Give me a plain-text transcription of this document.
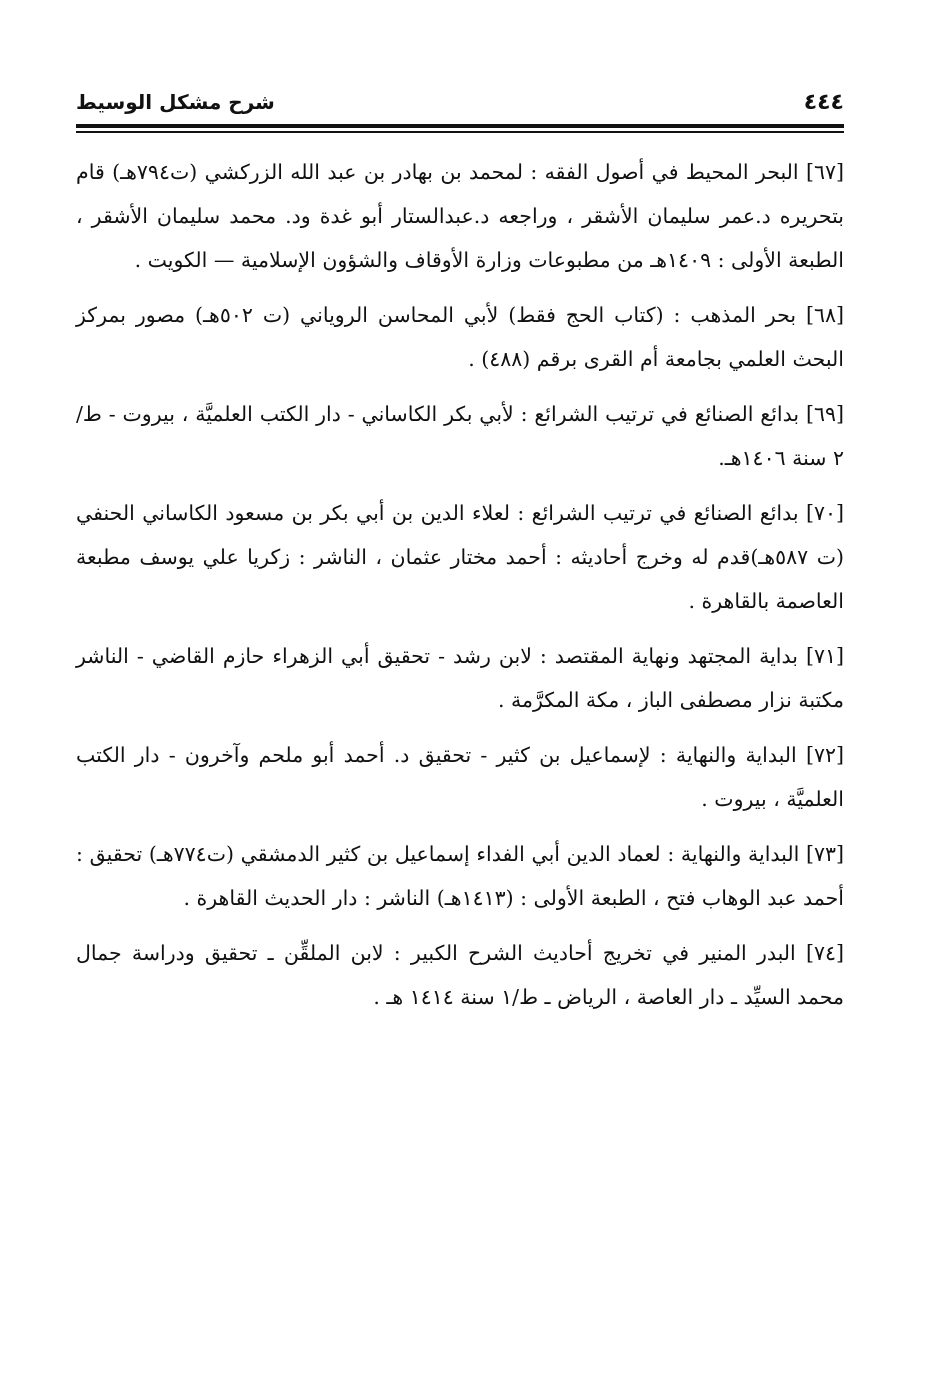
٤٤٤
شرح مشكل الوسيط
[٦٧] البحر المحيط في أصول الفقه : لمحمد بن بهادر بن عبد الله الزركشي (ت٧٩٤هـ) قام بتحريره د.عمر سليمان الأشقر ، وراجعه د.عبدالستار أبو غدة ود. محمد سليمان الأشقر ، الطبعة الأولى : ١٤٠٩هـ من مطبوعات وزارة الأوقاف والشؤون الإسلامية — الكويت .
[٦٨] بحر المذهب : (كتاب الحج فقط) لأبي المحاسن الروياني (ت ٥٠٢هـ) مصور بمركز البحث العلمي بجامعة أم القرى برقم (٤٨٨) .
[٦٩] بدائع الصنائع في ترتيب الشرائع : لأبي بكر الكاساني - دار الكتب العلميَّة ، بيروت - ط/٢ سنة ١٤٠٦هـ.
[٧٠] بدائع الصنائع في ترتيب الشرائع : لعلاء الدين بن أبي بكر بن مسعود الكاساني الحنفي (ت ٥٨٧هـ)قدم له وخرج أحاديثه : أحمد مختار عثمان ، الناشر : زكريا علي يوسف مطبعة العاصمة بالقاهرة .
[٧١] بداية المجتهد ونهاية المقتصد : لابن رشد - تحقيق أبي الزهراء حازم القاضي - الناشر مكتبة نزار مصطفى الباز ، مكة المكرَّمة .
[٧٢] البداية والنهاية : لإسماعيل بن كثير - تحقيق د. أحمد أبو ملحم وآخرون - دار الكتب العلميَّة ، بيروت .
[٧٣] البداية والنهاية : لعماد الدين أبي الفداء إسماعيل بن كثير الدمشقي (ت٧٧٤هـ) تحقيق : أحمد عبد الوهاب فتح ، الطبعة الأولى : (١٤١٣هـ) الناشر : دار الحديث القاهرة .
[٧٤] البدر المنير في تخريج أحاديث الشرح الكبير : لابن الملقِّن ـ تحقيق ودراسة جمال محمد السيِّد ـ دار العاصة ، الرياض ـ ط/١ سنة ١٤١٤ هـ .
